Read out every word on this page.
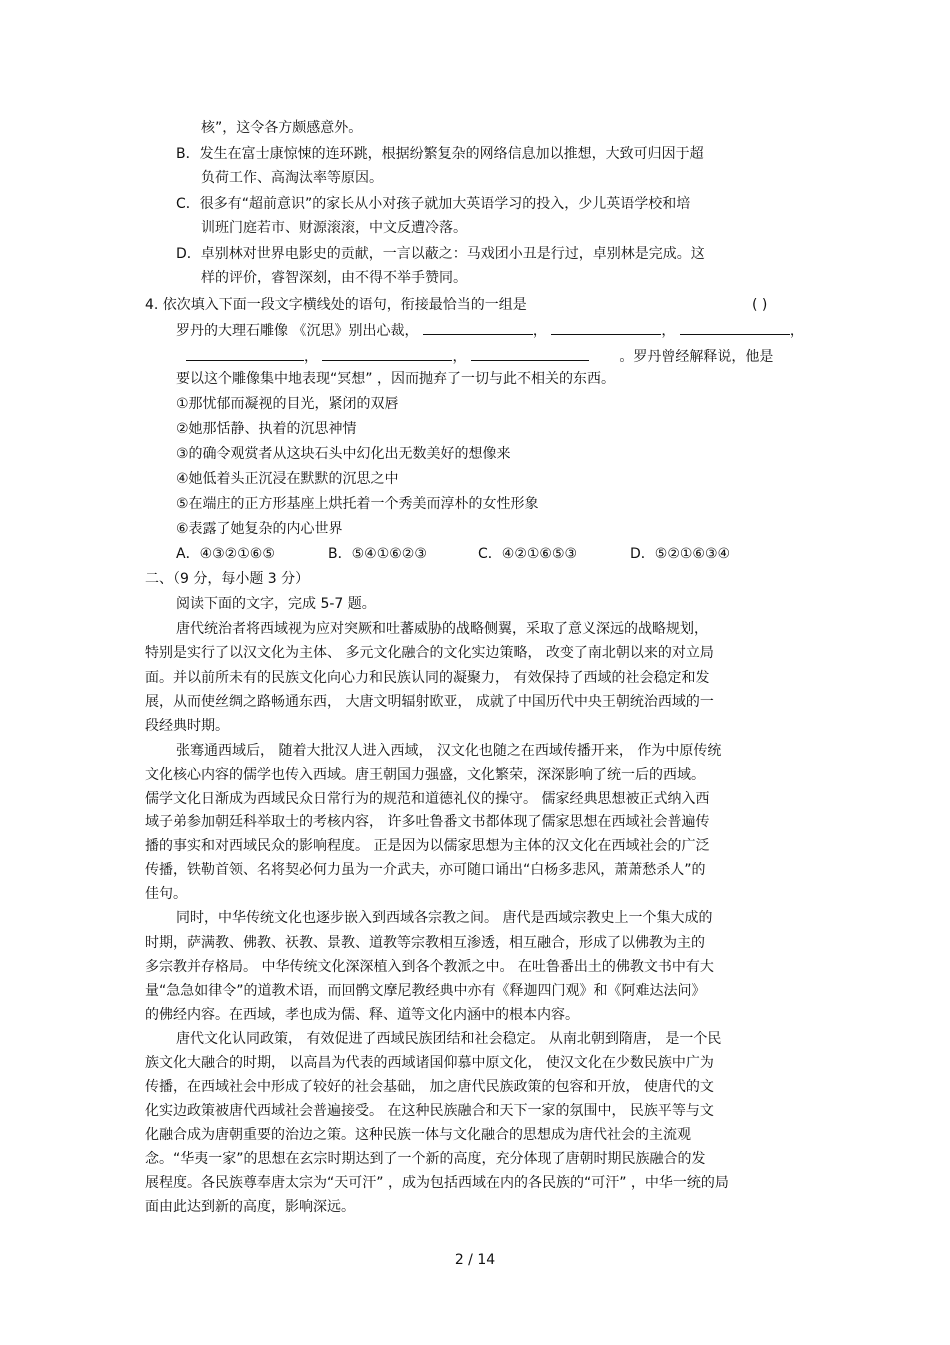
核”，这令各方颇感意外。
B．发生在富士康惊悚的连环跳，根据纷繁复杂的网络信息加以推想，大致可归因于超
负荷工作、高淘汰率等原因。
C．很多有“超前意识”的家长从小对孩子就加大英语学习的投入，少儿英语学校和培
训班门庭若市、财源滚滚，中文反遭冷落。
D．卓别林对世界电影史的贡献，一言以蔽之：马戏团小丑是行过，卓别林是完成。这
样的评价，睿智深刻，由不得不举手赞同。
4. 依次填入下面一段文字横线处的语句，衔接最恰当的一组是	( )
罗丹的大理石雕像 《沉思》别出心裁，	，	，	，
，	，	。罗丹曾经解释说，他是
要以这个雕像集中地表现“冥想” ，因而抛弃了一切与此不相关的东西。
①那忧郁而凝视的目光，紧闭的双唇
②她那恬静、执着的沉思神情
③的确令观赏者从这块石头中幻化出无数美好的想像来
④她低着头正沉浸在默默的沉思之中
⑤在端庄的正方形基座上烘托着一个秀美而淳朴的女性形象
⑥表露了她复杂的内心世界
A．④③②①⑥⑤	B．⑤④①⑥②③	C．④②①⑥⑤③	D．⑤②①⑥③④
二、（9 分，每小题 3 分）
阅读下面的文字，完成 5-7 题。
唐代统治者将西域视为应对突厥和吐蕃威胁的战略侧翼，采取了意义深远的战略规划，
特别是实行了以汉文化为主体、 多元文化融合的文化实边策略， 改变了南北朝以来的对立局
面。并以前所未有的民族文化向心力和民族认同的凝聚力， 有效保持了西域的社会稳定和发
展，从而使丝绸之路畅通东西， 大唐文明辐射欧亚， 成就了中国历代中央王朝统治西域的一
段经典时期。
张骞通西域后， 随着大批汉人进入西域， 汉文化也随之在西域传播开来， 作为中原传统
文化核心内容的儒学也传入西域。唐王朝国力强盛，文化繁荣，深深影响了统一后的西域。
儒学文化日渐成为西域民众日常行为的规范和道德礼仪的操守。 儒家经典思想被正式纳入西
域子弟参加朝廷科举取士的考核内容， 许多吐鲁番文书都体现了儒家思想在西域社会普遍传
播的事实和对西域民众的影响程度。 正是因为以儒家思想为主体的汉文化在西域社会的广泛
传播，铁勒首领、名将契必何力虽为一介武夫，亦可随口诵出“白杨多悲风，萧萧愁杀人”的
佳句。
同时，中华传统文化也逐步嵌入到西域各宗教之间。 唐代是西域宗教史上一个集大成的
时期，萨满教、佛教、祆教、景教、道教等宗教相互渗透，相互融合，形成了以佛教为主的
多宗教并存格局。 中华传统文化深深植入到各个教派之中。 在吐鲁番出土的佛教文书中有大
量“急急如律令”的道教术语，而回鹘文摩尼教经典中亦有《释迦四门观》和《阿难达法问》
的佛经内容。在西域，孝也成为儒、释、道等文化内涵中的根本内容。
唐代文化认同政策， 有效促进了西域民族团结和社会稳定。 从南北朝到隋唐， 是一个民
族文化大融合的时期， 以高昌为代表的西域诸国仰慕中原文化， 使汉文化在少数民族中广为
传播，在西域社会中形成了较好的社会基础， 加之唐代民族政策的包容和开放， 使唐代的文
化实边政策被唐代西域社会普遍接受。 在这种民族融合和天下一家的氛围中， 民族平等与文
化融合成为唐朝重要的治边之策。这种民族一体与文化融合的思想成为唐代社会的主流观
念。“华夷一家”的思想在玄宗时期达到了一个新的高度，充分体现了唐朝时期民族融合的发
展程度。各民族尊奉唐太宗为“天可汗” ，成为包括西域在内的各民族的“可汗” ，中华一统的局
面由此达到新的高度，影响深远。
2 / 14
